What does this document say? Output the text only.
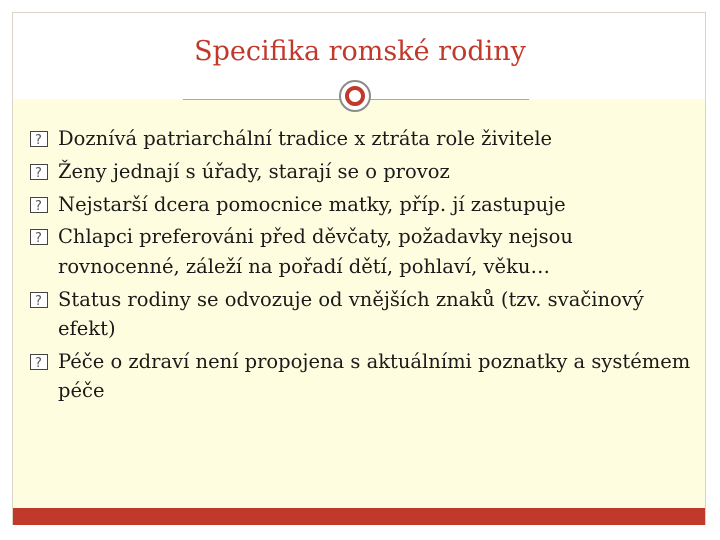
Specifika romské rodiny
?
Doznívá patriarchální tradice x ztráta role živitele
?
Ženy jednají s úřady, starají se o provoz
?
Nejstarší dcera pomocnice matky, příp. jí zastupuje
?
Chlapci preferováni před děvčaty, požadavky nejsou rovnocenné, záleží na pořadí dětí, pohlaví, věku…
?
Status rodiny se odvozuje od vnějších znaků (tzv. svačinový efekt)
?
Péče o zdraví není propojena s aktuálními poznatky a systémem péče
